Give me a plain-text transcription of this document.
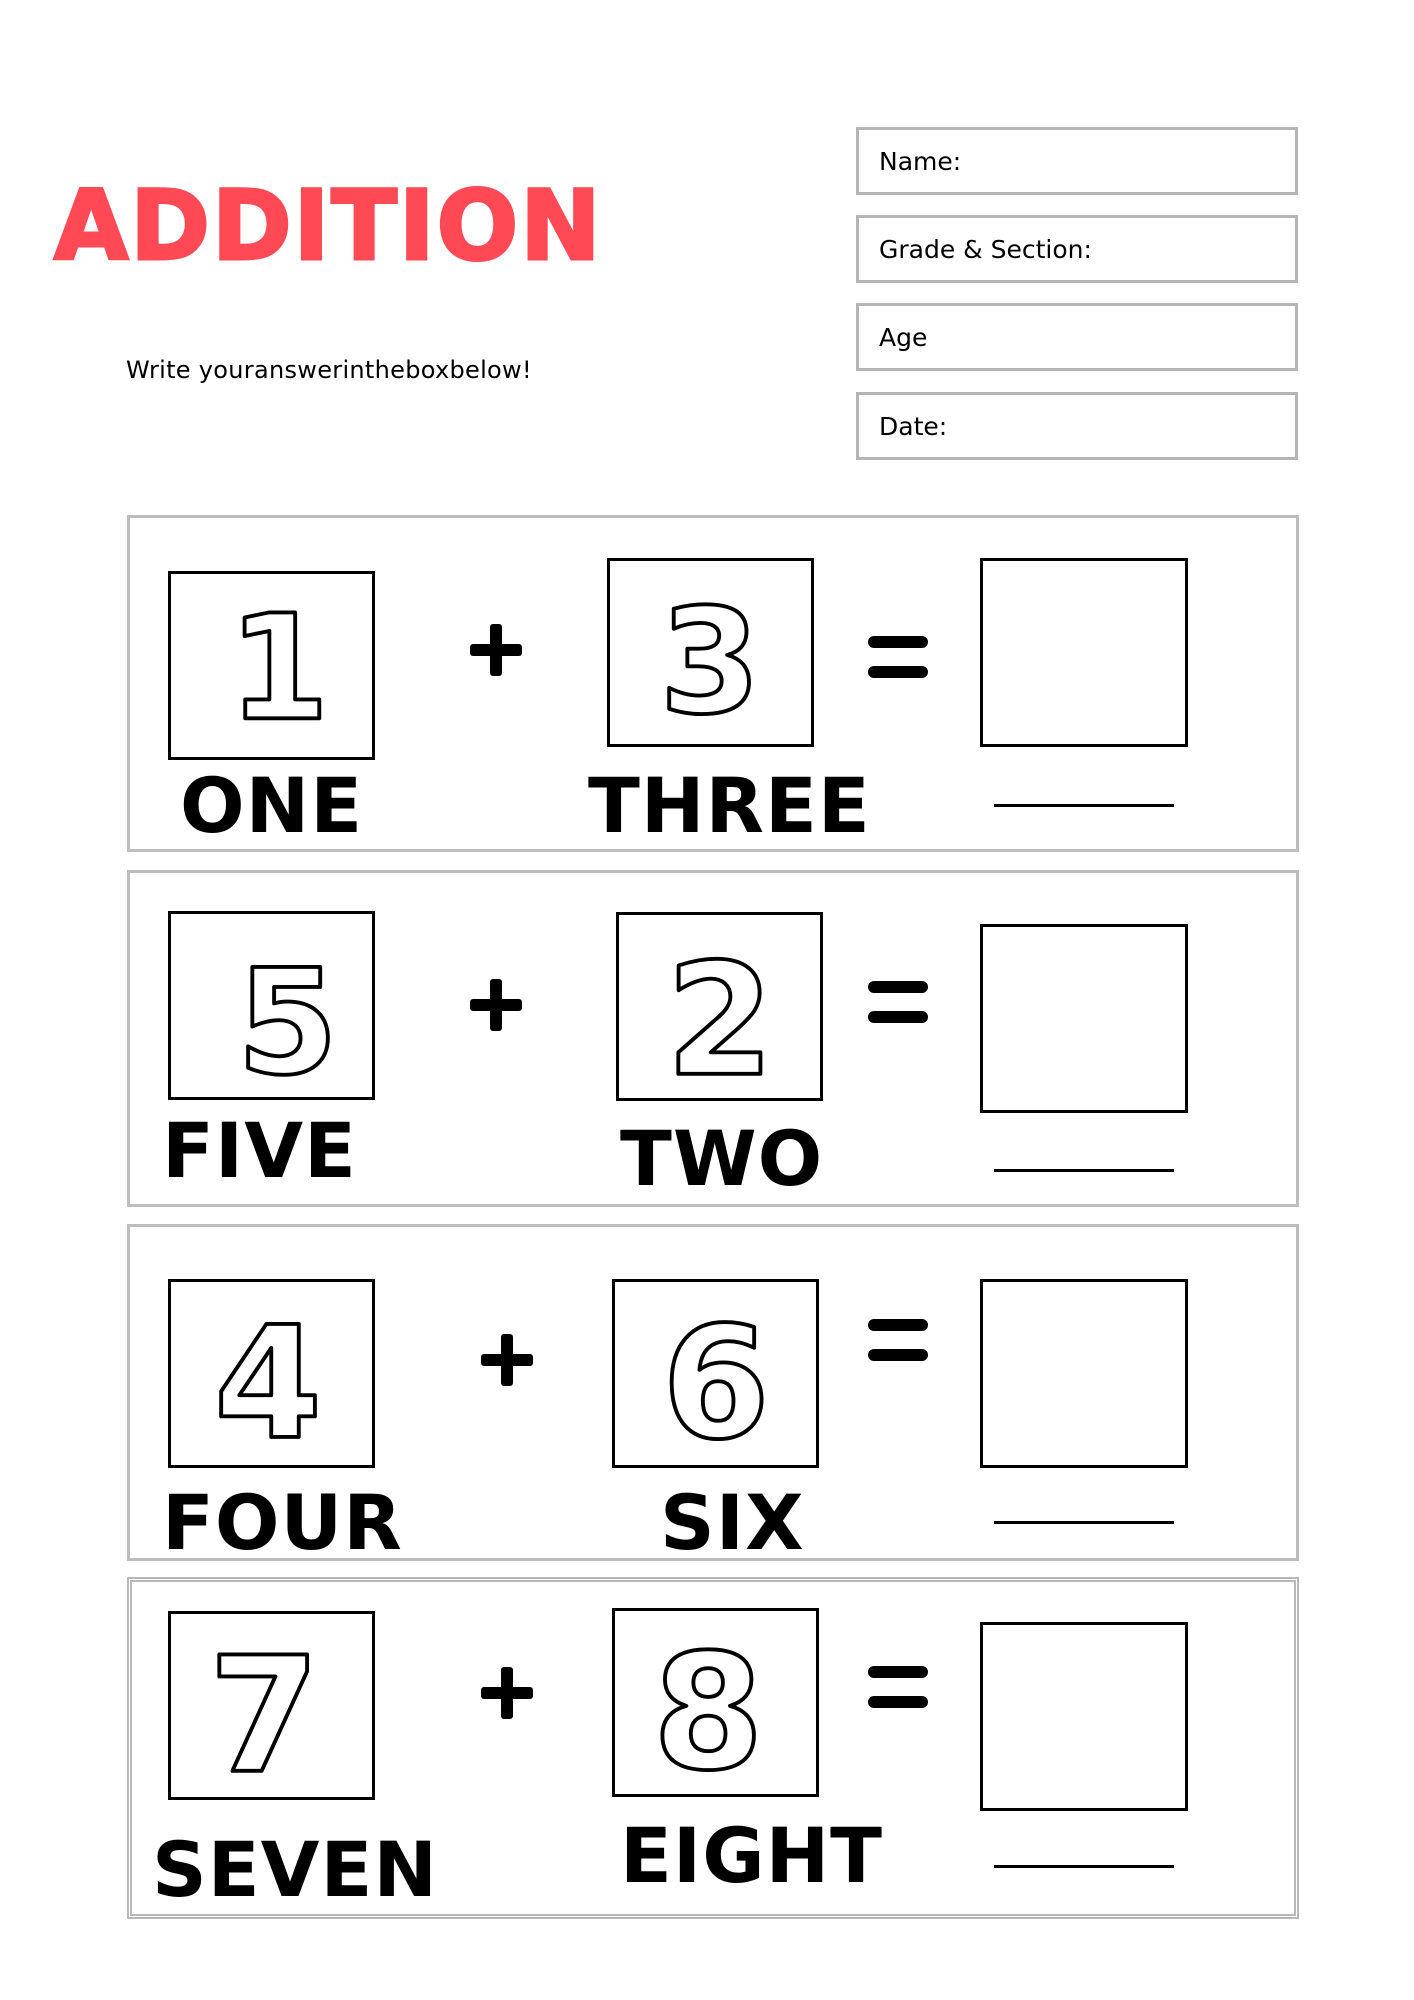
ADDITION
Write youranswerintheboxbelow!
Name:
Grade & Section:
Age
Date:
1 3
ONE	THREE
5 2
FIVE	TWO
4 6
FOUR	SIX
7 8
SEVEN EIGHT
